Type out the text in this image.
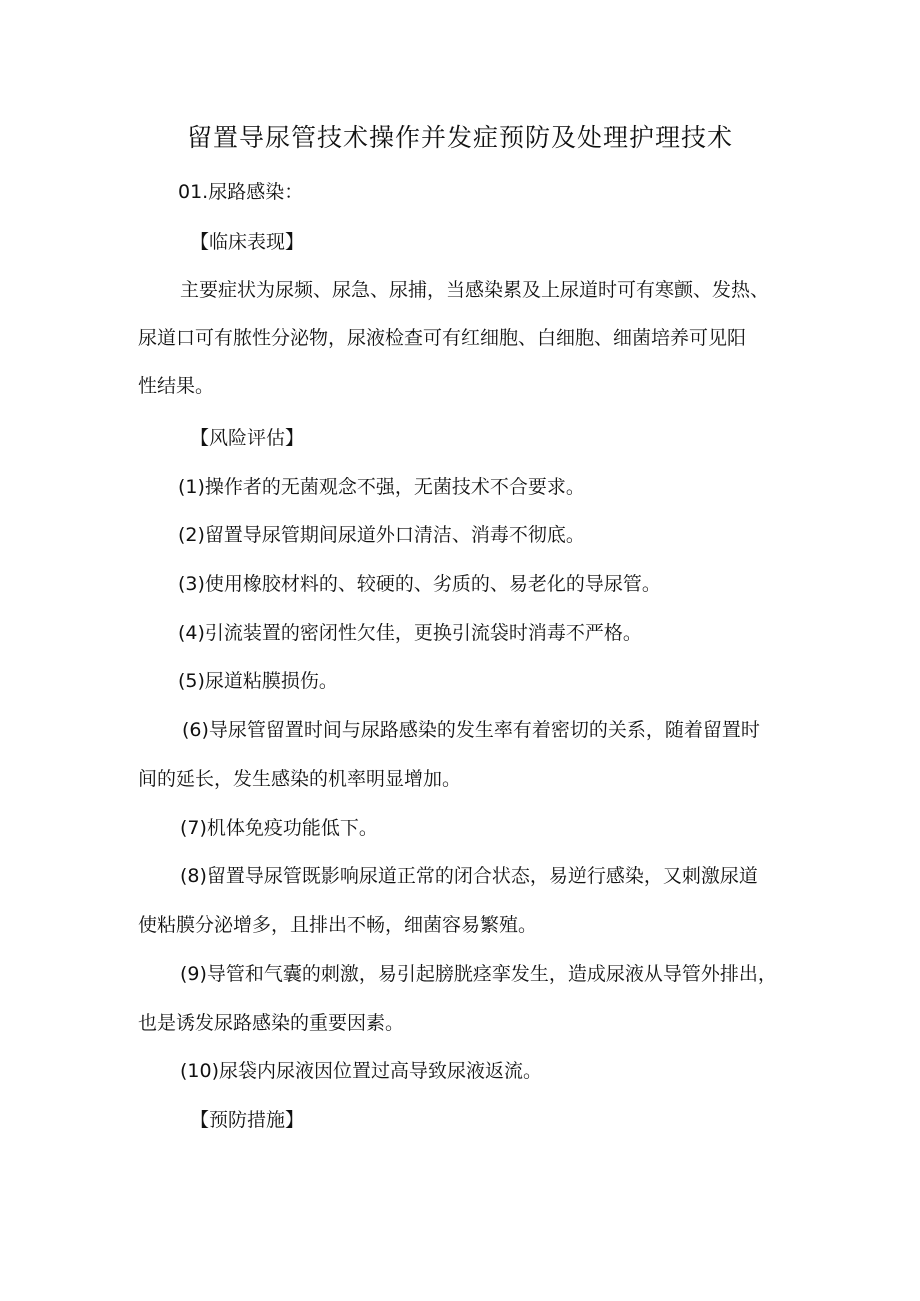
留置导尿管技术操作并发症预防及处理护理技术
01.尿路感染：
【临床表现】
主要症状为尿频、尿急、尿捕，当感染累及上尿道时可有寒颤、发热、
尿道口可有脓性分泌物，尿液检查可有红细胞、白细胞、细菌培养可见阳
性结果。
【风险评估】
(1)操作者的无菌观念不强，无菌技术不合要求。
(2)留置导尿管期间尿道外口清洁、消毒不彻底。
(3)使用橡胶材料的、较硬的、劣质的、易老化的导尿管。
(4)引流装置的密闭性欠佳，更换引流袋时消毒不严格。
(5)尿道粘膜损伤。
(6)导尿管留置时间与尿路感染的发生率有着密切的关系，随着留置时
间的延长，发生感染的机率明显增加。
(7)机体免疫功能低下。
(8)留置导尿管既影响尿道正常的闭合状态，易逆行感染，又刺激尿道
使粘膜分泌增多，且排出不畅，细菌容易繁殖。
(9)导管和气囊的刺激，易引起膀胱痉挛发生，造成尿液从导管外排出，
也是诱发尿路感染的重要因素。
(10)尿袋内尿液因位置过高导致尿液返流。
【预防措施】
